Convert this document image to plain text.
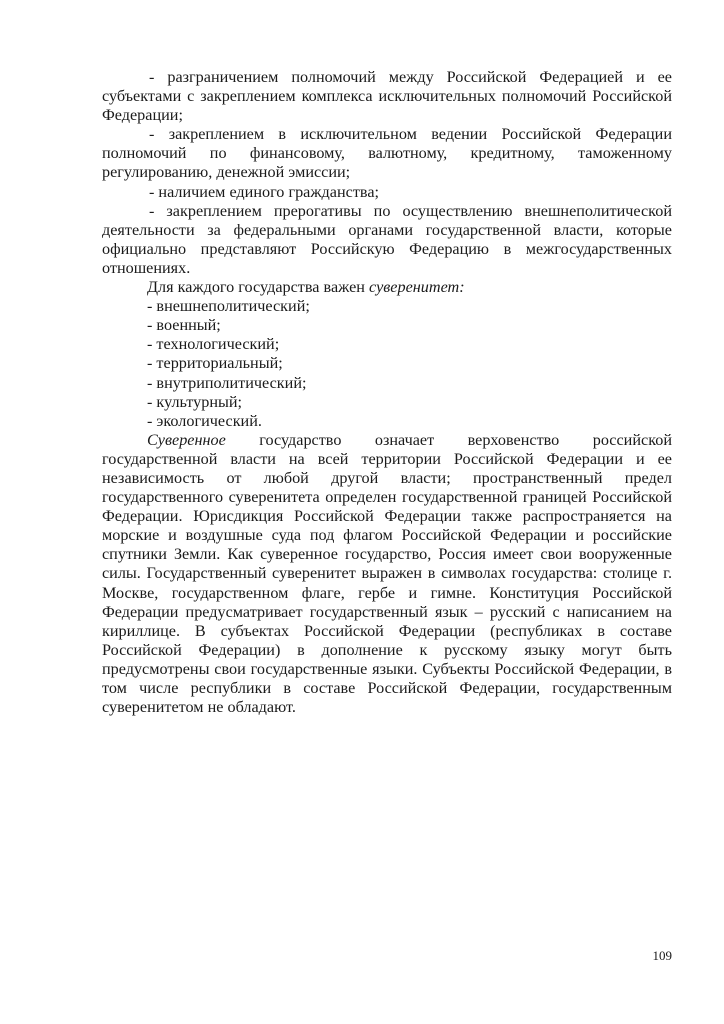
- разграничением полномочий между Российской Федерацией и ее субъектами с закреплением комплекса исключительных полномочий Российской Федерации;

- закреплением в исключительном ведении Российской Федерации полномочий по финансовому, валютному, кредитному, таможенному регулированию, денежной эмиссии;

- наличием единого гражданства;

- закреплением прерогативы по осуществлению внешнеполитической деятельности за федеральными органами государственной власти, которые официально представляют Российскую Федерацию в межгосударственных отношениях.

Для каждого государства важен суверенитет:

- внешнеполитический;

- военный;

- технологический;

- территориальный;

- внутриполитический;

- культурный;

- экологический.

Суверенное государство означает верховенство российской государственной власти на всей территории Российской Федерации и ее независимость от любой другой власти; пространственный предел государственного суверенитета определен государственной границей Российской Федерации. Юрисдикция Российской Федерации также распространяется на морские и воздушные суда под флагом Российской Федерации и российские спутники Земли. Как суверенное государство, Россия имеет свои вооруженные силы. Государственный суверенитет выражен в символах государства: столице г. Москве, государственном флаге, гербе и гимне. Конституция Российской Федерации предусматривает государственный язык – русский с написанием на кириллице. В субъектах Российской Федерации (республиках в составе Российской Федерации) в дополнение к русскому языку могут быть предусмотрены свои государственные языки. Субъекты Российской Федерации, в том числе республики в составе Российской Федерации, государственным суверенитетом не обладают.

109
